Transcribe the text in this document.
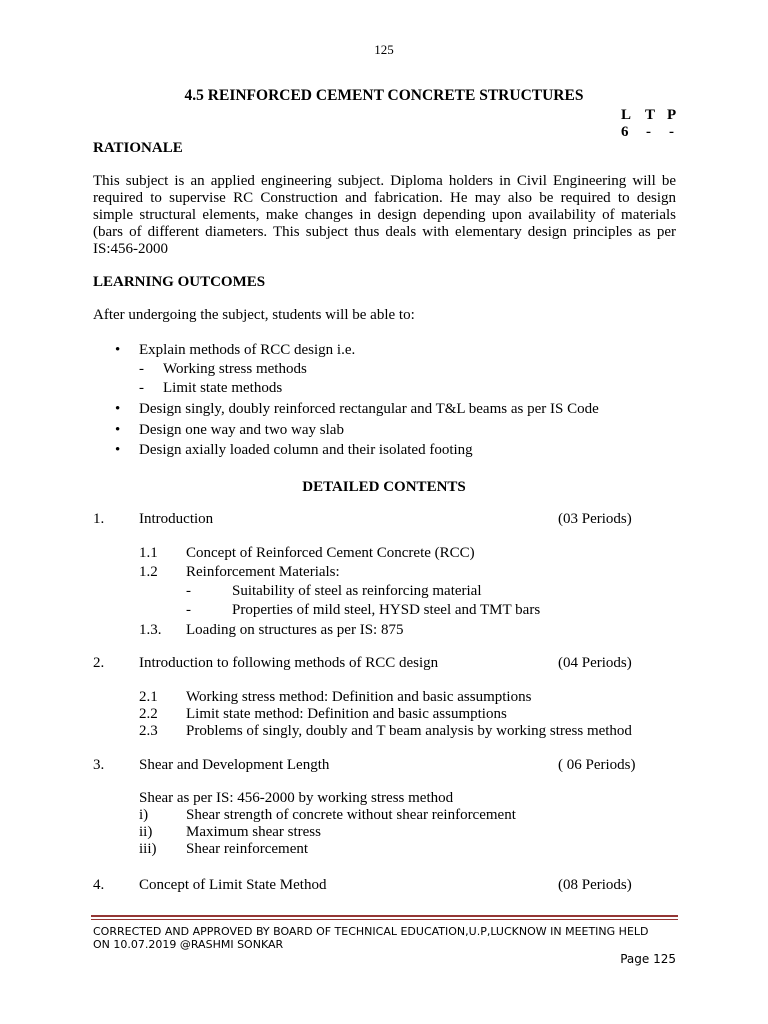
125
4.5 REINFORCED CEMENT CONCRETE STRUCTURES
L T P
6 - -
RATIONALE
This subject is an applied engineering subject. Diploma holders in Civil Engineering will be
required to supervise RC Construction and fabrication. He may also be required to design
simple structural elements, make changes in design depending upon availability of materials
(bars of different diameters. This subject thus deals with elementary design principles as per
IS:456-2000
LEARNING OUTCOMES
After undergoing the subject, students will be able to:
• Explain methods of RCC design i.e.
- Working stress methods
- Limit state methods
• Design singly, doubly reinforced rectangular and T&L beams as per IS Code
• Design one way and two way slab
• Design axially loaded column and their isolated footing
DETAILED CONTENTS
1. Introduction	(03 Periods)
1.1 Concept of Reinforced Cement Concrete (RCC)
1.2 Reinforcement Materials:
-	Suitability of steel as reinforcing material
-	Properties of mild steel, HYSD steel and TMT bars
1.3. Loading on structures as per IS: 875
2. Introduction to following methods of RCC design	(04 Periods)
2.1 Working stress method: Definition and basic assumptions
2.2 Limit state method: Definition and basic assumptions
2.3 Problems of singly, doubly and T beam analysis by working stress method
3. Shear and Development Length	( 06 Periods)
Shear as per IS: 456-2000 by working stress method
i)	Shear strength of concrete without shear reinforcement
ii) Maximum shear stress
iii) Shear reinforcement
4. Concept of Limit State Method	(08 Periods)
CORRECTED AND APPROVED BY BOARD OF TECHNICAL EDUCATION,U.P,LUCKNOW IN MEETING HELD
ON 10.07.2019 @RASHMI SONKAR
Page 125
